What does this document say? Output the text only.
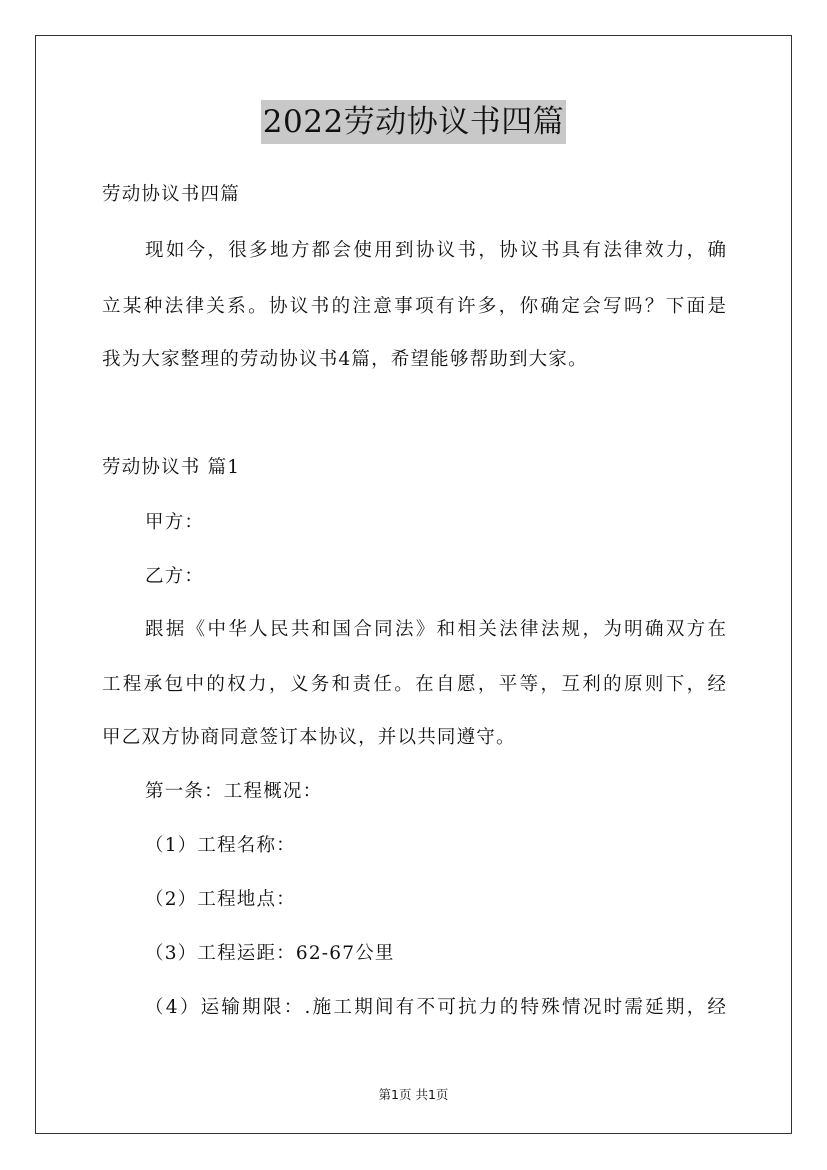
2022劳动协议书四篇
劳动协议书四篇
现如今，很多地方都会使用到协议书，协议书具有法律效力，确
立某种法律关系。协议书的注意事项有许多，你确定会写吗？下面是
我为大家整理的劳动协议书4篇，希望能够帮助到大家。
劳动协议书 篇1
甲方：
乙方：
跟据《中华人民共和国合同法》和相关法律法规，为明确双方在
工程承包中的权力，义务和责任。在自愿，平等，互利的原则下，经
甲乙双方协商同意签订本协议，并以共同遵守。
第一条：工程概况：
（1）工程名称：
（2）工程地点：
（3）工程运距：62-67公里
（4）运输期限：.施工期间有不可抗力的特殊情况时需延期，经
第1页 共1页
